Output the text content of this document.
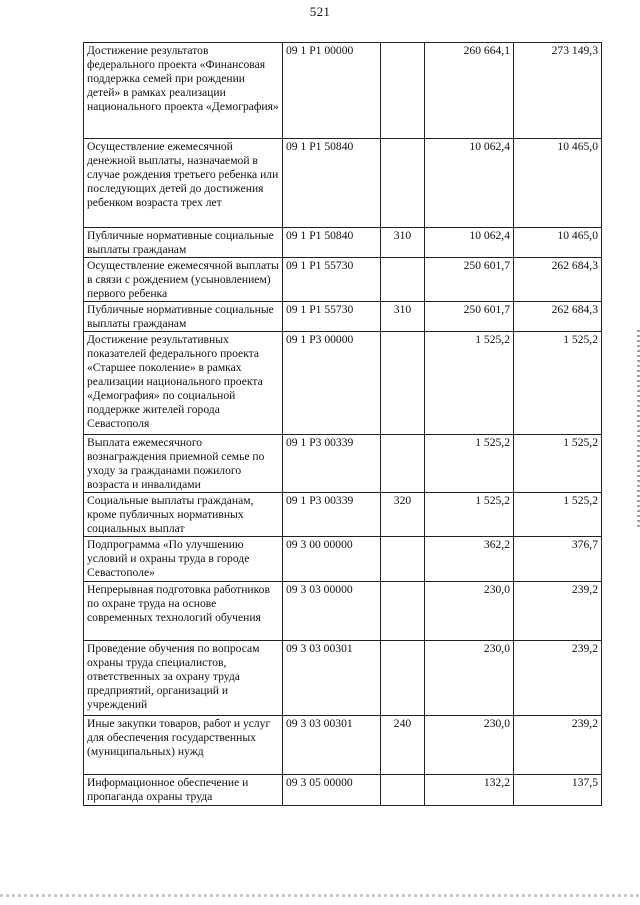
521
Достижение результатов федерального проекта «Финансовая поддержка семей при рождении детей» в рамках реализации национального проекта «Демография»	09 1 P1 00000		260 664,1	273 149,3
Осуществление ежемесячной денежной выплаты, назначаемой в случае рождения третьего ребенка или последующих детей до достижения ребенком возраста трех лет	09 1 P1 50840		10 062,4	10 465,0
Публичные нормативные социальные выплаты гражданам	09 1 P1 50840	310	10 062,4	10 465,0
Осуществление ежемесячной выплаты в связи с рождением (усыновлением) первого ребенка	09 1 P1 55730		250 601,7	262 684,3
Публичные нормативные социальные выплаты гражданам	09 1 P1 55730	310	250 601,7	262 684,3
Достижение результативных показателей федерального проекта «Старшее поколение» в рамках реализации национального проекта «Демография» по социальной поддержке жителей города Севастополя	09 1 P3 00000		1 525,2	1 525,2
Выплата ежемесячного вознаграждения приемной семье по уходу за гражданами пожилого возраста и инвалидами	09 1 P3 00339		1 525,2	1 525,2
Социальные выплаты гражданам, кроме публичных нормативных социальных выплат	09 1 P3 00339	320	1 525,2	1 525,2
Подпрограмма «По улучшению условий и охраны труда в городе Севастополе»	09 3 00 00000		362,2	376,7
Непрерывная подготовка работников по охране труда на основе современных технологий обучения	09 3 03 00000		230,0	239,2
Проведение обучения по вопросам охраны труда специалистов, ответственных за охрану труда предприятий, организаций и учреждений	09 3 03 00301		230,0	239,2
Иные закупки товаров, работ и услуг для обеспечения государственных (муниципальных) нужд	09 3 03 00301	240	230,0	239,2
Информационное обеспечение и пропаганда охраны труда	09 3 05 00000		132,2	137,5
